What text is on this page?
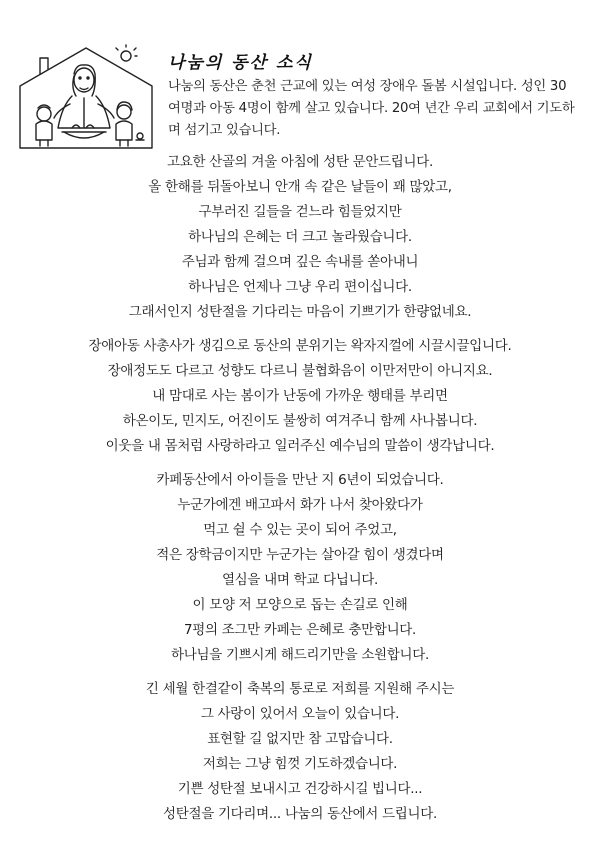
나눔의 동산 소식
나눔의 동산은 춘천 근교에 있는 여성 장애우 돌봄 시설입니다. 성인 30여명과 아동 4명이 함께 살고 있습니다. 20여 년간 우리 교회에서 기도하며 섬기고 있습니다.
고요한 산골의 겨울 아침에 성탄 문안드립니다.
올 한해를 뒤돌아보니 안개 속 같은 날들이 꽤 많았고,
구부러진 길들을 걷느라 힘들었지만
하나님의 은혜는 더 크고 놀라웠습니다.
주님과 함께 걸으며 깊은 속내를 쏟아내니
하나님은 언제나 그냥 우리 편이십니다.
그래서인지 성탄절을 기다리는 마음이 기쁘기가 한량없네요.
장애아동 사총사가 생김으로 동산의 분위기는 왁자지껄에 시끌시끌입니다.
장애정도도 다르고 성향도 다르니 불협화음이 이만저만이 아니지요.
내 맘대로 사는 봄이가 난동에 가까운 행태를 부리면
하온이도, 민지도, 어진이도 불쌍히 여겨주니 함께 사나봅니다.
이웃을 내 몸처럼 사랑하라고 일러주신 예수님의 말씀이 생각납니다.
카페동산에서 아이들을 만난 지 6년이 되었습니다.
누군가에겐 배고파서 화가 나서 찾아왔다가
먹고 쉴 수 있는 곳이 되어 주었고,
적은 장학금이지만 누군가는 살아갈 힘이 생겼다며
열심을 내며 학교 다닙니다.
이 모양 저 모양으로 돕는 손길로 인해
7평의 조그만 카페는 은혜로 충만합니다.
하나님을 기쁘시게 해드리기만을 소원합니다.
긴 세월 한결같이 축복의 통로로 저희를 지원해 주시는
그 사랑이 있어서 오늘이 있습니다.
표현할 길 없지만 참 고맙습니다.
저희는 그냥 힘껏 기도하겠습니다.
기쁜 성탄절 보내시고 건강하시길 빕니다...
성탄절을 기다리며... 나눔의 동산에서 드립니다.
